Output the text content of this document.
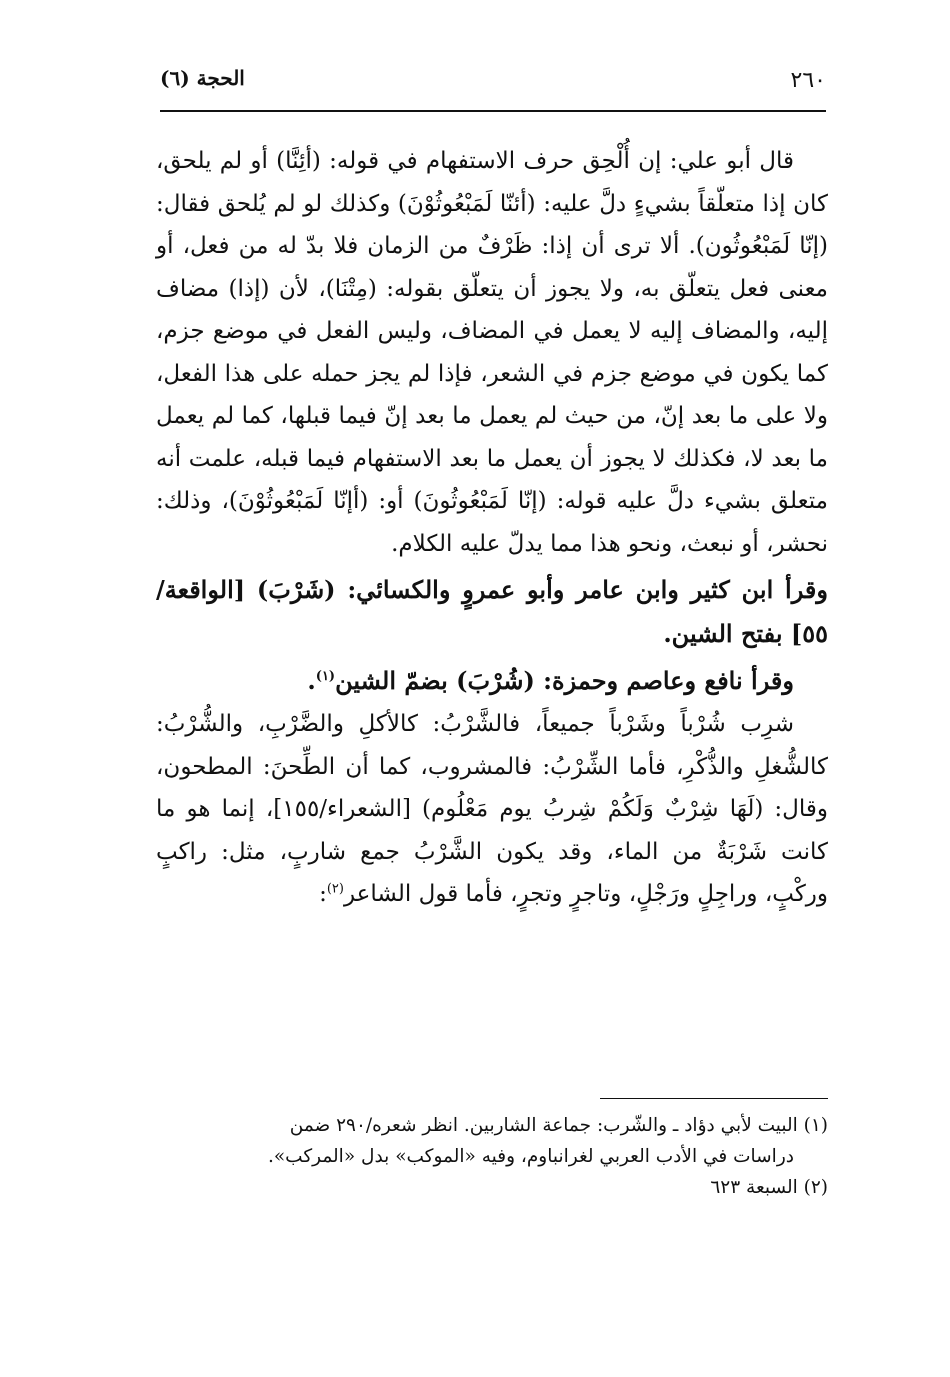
٢٦٠
الحجة (٦)

قال أبو علي: إن أُلْحِق حرف الاستفهام في قوله: (أئِنَّا) أو لم يلحق، كان إذا متعلّقاً بشيءٍ دلَّ عليه: (أئنّا لَمَبْعُوثُوْنَ) وكذلك لو لم يُلحق فقال: (إنّا لَمَبْعُوثُون). ألا ترى أن إذا: ظَرْفٌ من الزمان فلا بدّ له من فعل، أو معنى فعل يتعلّق به، ولا يجوز أن يتعلّق بقوله: (مِتْنَا)، لأن (إذا) مضاف إليه، والمضاف إليه لا يعمل في المضاف، وليس الفعل في موضع جزم، كما يكون في موضع جزم في الشعر، فإذا لم يجز حمله على هذا الفعل، ولا على ما بعد إنّ، من حيث لم يعمل ما بعد إنّ فيما قبلها، كما لم يعمل ما بعد لا، فكذلك لا يجوز أن يعمل ما بعد الاستفهام فيما قبله، علمت أنه متعلق بشيء دلَّ عليه قوله: (إنّا لَمَبْعُوثُونَ) أو: (أإنّا لَمَبْعُوثُوْنَ)، وذلك: نحشر، أو نبعث، ونحو هذا مما يدلّ عليه الكلام.

وقرأ ابن كثير وابن عامر وأبو عمروٍ والكسائي: (شَرْبَ) [الواقعة/٥٥] بفتح الشين.

وقرأ نافع وعاصم وحمزة: (شُرْبَ) بضمّ الشين$^{(١)}$.

شرِب شُرْباً وشَرْباً جميعاً، فالشَّرْبُ: كالأكلِ والضَّرْبِ، والشُّرْبُ: كالشُّغلِ والذُّكْرِ، فأما الشِّرْبُ: فالمشروب، كما أن الطِّحنَ: المطحون، وقال: (لَهَا شِرْبٌ وَلَكُمْ شِربُ يوم مَعْلُوم) [الشعراء/١٥٥]، إنما هو ما كانت شَرْبَةٌ من الماء، وقد يكون الشَّرْبُ جمع شاربٍ، مثل: راكبٍ وركْبٍ، وراجِلٍ ورَجْلٍ، وتاجرٍ وتجرٍ، فأما قول الشاعر$^{(٢)}$:

(١) البيت لأبي دؤاد ـ والشّرب: جماعة الشاربين. انظر شعره/٢٩٠ ضمن

دراسات في الأدب العربي لغرانباوم، وفيه «الموكب» بدل «المركب».

(٢) السبعة ٦٢٣
